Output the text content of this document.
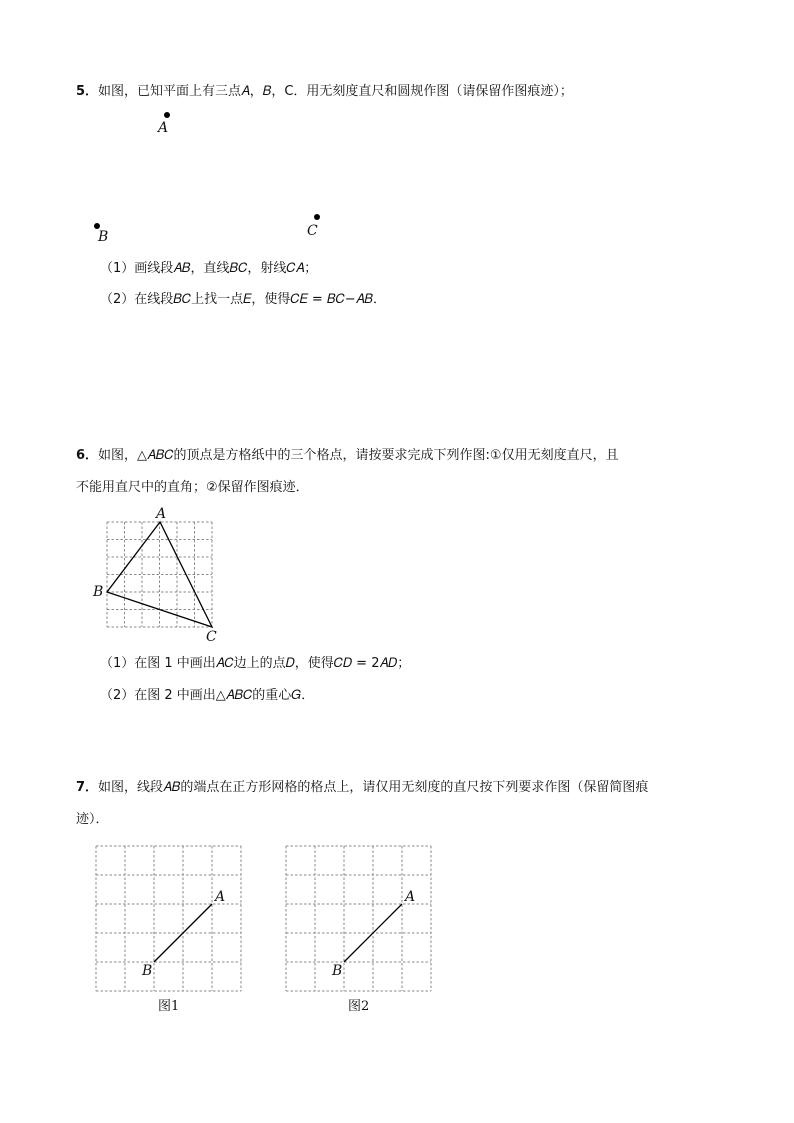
5．如图，已知平面上有三点𝐴，𝐵，C．用无刻度直尺和圆规作图（请保留作图痕迹）；
𝐴
𝐵	𝐶
（1）画线段𝐴𝐵，直线𝐵𝐶，射线𝐶𝐴；
（2）在线段𝐵𝐶上找一点𝐸，使得𝐶𝐸 = 𝐵𝐶−𝐴𝐵．
6．如图，△𝐴𝐵𝐶的顶点是方格纸中的三个格点，请按要求完成下列作图:①仅用无刻度直尺，且
不能用直尺中的直角；②保留作图痕迹．
𝐴
𝐵
𝐶
（1）在图 1 中画出𝐴𝐶边上的点𝐷，使得𝐶𝐷 = 2𝐴𝐷；
（2）在图 2 中画出△𝐴𝐵𝐶的重心𝐺．
7．如图，线段𝐴𝐵的端点在正方形网格的格点上，请仅用无刻度的直尺按下列要求作图（保留简图痕
迹）．
𝐴
𝐵
图1
𝐴
𝐵
图2
